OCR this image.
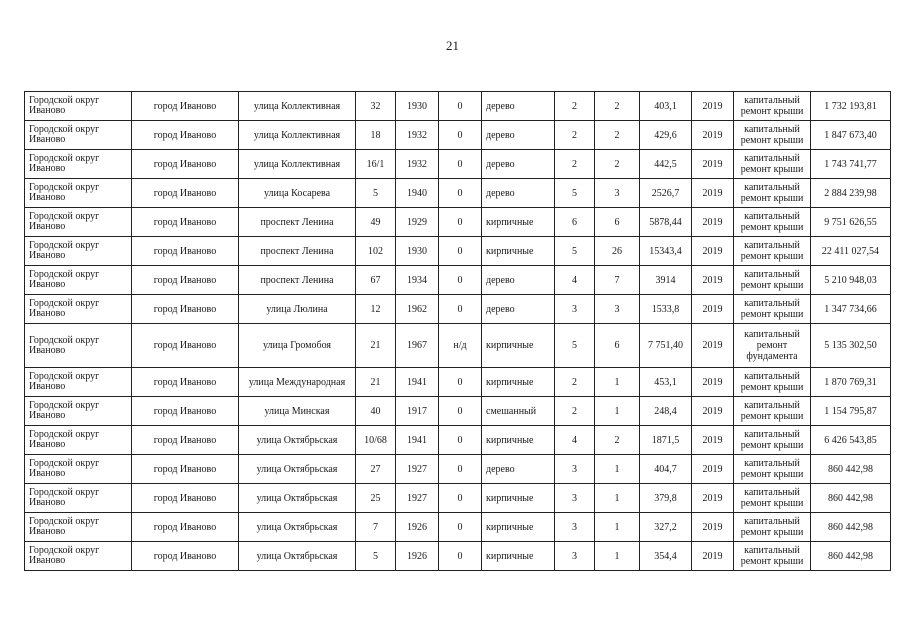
21
Городской округ Иваново	город Иваново	улица Коллективная	32	1930	0	дерево	2	2	403,1	2019	капитальный ремонт крыши	1 732 193,81
Городской округ Иваново	город Иваново	улица Коллективная	18	1932	0	дерево	2	2	429,6	2019	капитальный ремонт крыши	1 847 673,40
Городской округ Иваново	город Иваново	улица Коллективная	16/1	1932	0	дерево	2	2	442,5	2019	капитальный ремонт крыши	1 743 741,77
Городской округ Иваново	город Иваново	улица Косарева	5	1940	0	дерево	5	3	2526,7	2019	капитальный ремонт крыши	2 884 239,98
Городской округ Иваново	город Иваново	проспект Ленина	49	1929	0	кирпичные	6	6	5878,44	2019	капитальный ремонт крыши	9 751 626,55
Городской округ Иваново	город Иваново	проспект Ленина	102	1930	0	кирпичные	5	26	15343,4	2019	капитальный ремонт крыши	22 411 027,54
Городской округ Иваново	город Иваново	проспект Ленина	67	1934	0	дерево	4	7	3914	2019	капитальный ремонт крыши	5 210 948,03
Городской округ Иваново	город Иваново	улица Люлина	12	1962	0	дерево	3	3	1533,8	2019	капитальный ремонт крыши	1 347 734,66
Городской округ Иваново	город Иваново	улица Громобоя	21	1967	н/д	кирпичные	5	6	7 751,40	2019	капитальный ремонт фундамента	5 135 302,50
Городской округ Иваново	город Иваново	улица Международная	21	1941	0	кирпичные	2	1	453,1	2019	капитальный ремонт крыши	1 870 769,31
Городской округ Иваново	город Иваново	улица Минская	40	1917	0	смешанный	2	1	248,4	2019	капитальный ремонт крыши	1 154 795,87
Городской округ Иваново	город Иваново	улица Октябрьская	10/68	1941	0	кирпичные	4	2	1871,5	2019	капитальный ремонт крыши	6 426 543,85
Городской округ Иваново	город Иваново	улица Октябрьская	27	1927	0	дерево	3	1	404,7	2019	капитальный ремонт крыши	860 442,98
Городской округ Иваново	город Иваново	улица Октябрьская	25	1927	0	кирпичные	3	1	379,8	2019	капитальный ремонт крыши	860 442,98
Городской округ Иваново	город Иваново	улица Октябрьская	7	1926	0	кирпичные	3	1	327,2	2019	капитальный ремонт крыши	860 442,98
Городской округ Иваново	город Иваново	улица Октябрьская	5	1926	0	кирпичные	3	1	354,4	2019	капитальный ремонт крыши	860 442,98
